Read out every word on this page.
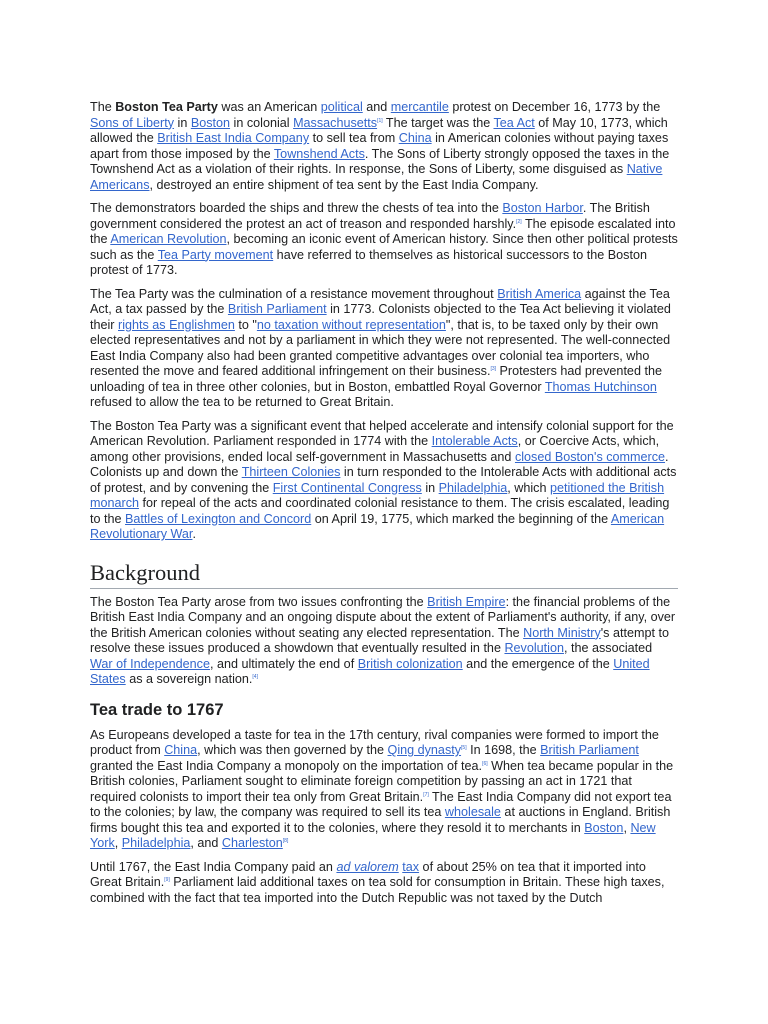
The Boston Tea Party was an American political and mercantile protest on December 16, 1773 by the Sons of Liberty in Boston in colonial Massachusetts[1] The target was the Tea Act of May 10, 1773, which allowed the British East India Company to sell tea from China in American colonies without paying taxes apart from those imposed by the Townshend Acts. The Sons of Liberty strongly opposed the taxes in the Townshend Act as a violation of their rights. In response, the Sons of Liberty, some disguised as Native Americans, destroyed an entire shipment of tea sent by the East India Company.

The demonstrators boarded the ships and threw the chests of tea into the Boston Harbor. The British government considered the protest an act of treason and responded harshly.[2] The episode escalated into the American Revolution, becoming an iconic event of American history. Since then other political protests such as the Tea Party movement have referred to themselves as historical successors to the Boston protest of 1773.

The Tea Party was the culmination of a resistance movement throughout British America against the Tea Act, a tax passed by the British Parliament in 1773. Colonists objected to the Tea Act believing it violated their rights as Englishmen to "no taxation without representation", that is, to be taxed only by their own elected representatives and not by a parliament in which they were not represented. The well-connected East India Company also had been granted competitive advantages over colonial tea importers, who resented the move and feared additional infringement on their business.[3] Protesters had prevented the unloading of tea in three other colonies, but in Boston, embattled Royal Governor Thomas Hutchinson refused to allow the tea to be returned to Great Britain.

The Boston Tea Party was a significant event that helped accelerate and intensify colonial support for the American Revolution. Parliament responded in 1774 with the Intolerable Acts, or Coercive Acts, which, among other provisions, ended local self-government in Massachusetts and closed Boston's commerce. Colonists up and down the Thirteen Colonies in turn responded to the Intolerable Acts with additional acts of protest, and by convening the First Continental Congress in Philadelphia, which petitioned the British monarch for repeal of the acts and coordinated colonial resistance to them. The crisis escalated, leading to the Battles of Lexington and Concord on April 19, 1775, which marked the beginning of the American Revolutionary War.

Background

The Boston Tea Party arose from two issues confronting the British Empire: the financial problems of the British East India Company and an ongoing dispute about the extent of Parliament's authority, if any, over the British American colonies without seating any elected representation. The North Ministry's attempt to resolve these issues produced a showdown that eventually resulted in the Revolution, the associated War of Independence, and ultimately the end of British colonization and the emergence of the United States as a sovereign nation.[4]

Tea trade to 1767

As Europeans developed a taste for tea in the 17th century, rival companies were formed to import the product from China, which was then governed by the Qing dynasty[5] In 1698, the British Parliament granted the East India Company a monopoly on the importation of tea.[6] When tea became popular in the British colonies, Parliament sought to eliminate foreign competition by passing an act in 1721 that required colonists to import their tea only from Great Britain.[7] The East India Company did not export tea to the colonies; by law, the company was required to sell its tea wholesale at auctions in England. British firms bought this tea and exported it to the colonies, where they resold it to merchants in Boston, New York, Philadelphia, and Charleston[8]

Until 1767, the East India Company paid an ad valorem tax of about 25% on tea that it imported into Great Britain.[9] Parliament laid additional taxes on tea sold for consumption in Britain. These high taxes, combined with the fact that tea imported into the Dutch Republic was not taxed by the Dutch
